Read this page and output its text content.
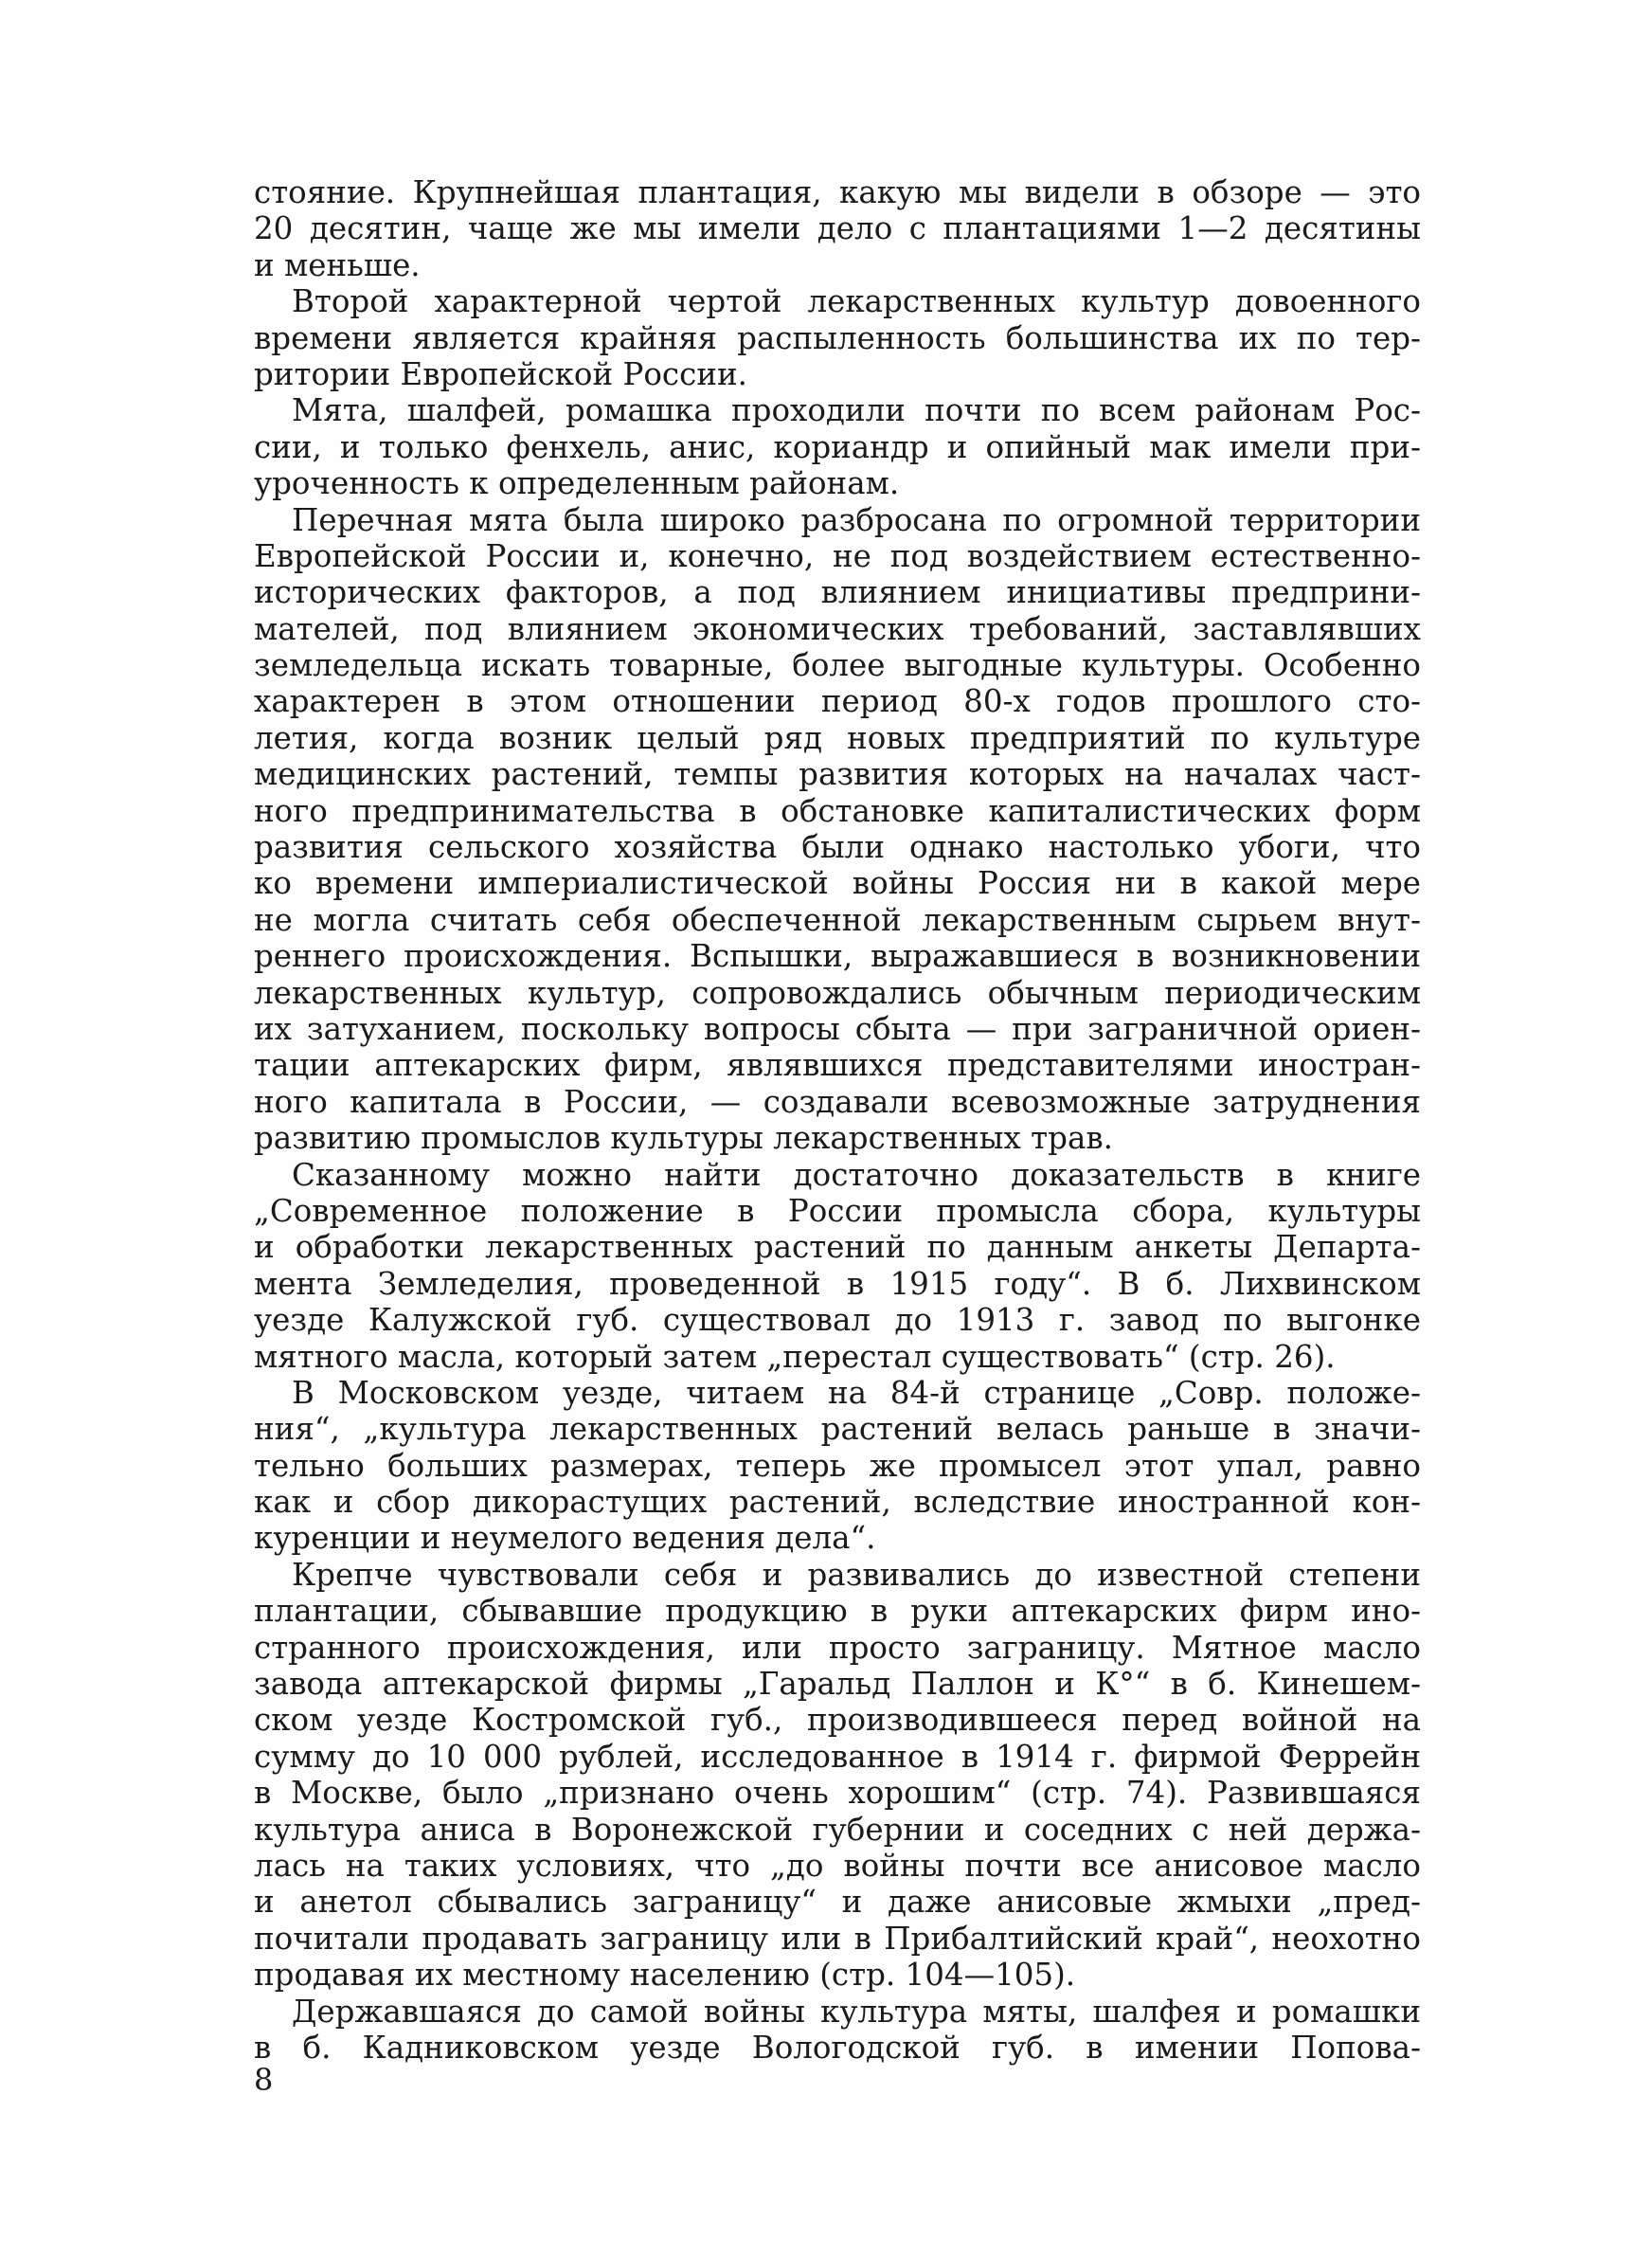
стояние. Крупнейшая плантация, какую мы видели в обзоре — это
20 десятин, чаще же мы имели дело с плантациями 1—2 десятины
и меньше.
Второй характерной чертой лекарственных культур довоенного
времени является крайняя распыленность большинства их по тер-
ритории Европейской России.
Мята, шалфей, ромашка проходили почти по всем районам Рос-
сии, и только фенхель, анис, кориандр и опийный мак имели при-
уроченность к определенным районам.
Перечная мята была широко разбросана по огромной территории
Европейской России и, конечно, не под воздействием естественно-
исторических факторов, а под влиянием инициативы предприни-
мателей, под влиянием экономических требований, заставлявших
земледельца искать товарные, более выгодные культуры. Особенно
характерен в этом отношении период 80-х годов прошлого сто-
летия, когда возник целый ряд новых предприятий по культуре
медицинских растений, темпы развития которых на началах част-
ного предпринимательства в обстановке капиталистических форм
развития сельского хозяйства были однако настолько убоги, что
ко времени империалистической войны Россия ни в какой мере
не могла считать себя обеспеченной лекарственным сырьем внут-
реннего происхождения. Вспышки, выражавшиеся в возникновении
лекарственных культур, сопровождались обычным периодическим
их затуханием, поскольку вопросы сбыта — при заграничной ориен-
тации аптекарских фирм, являвшихся представителями иностран-
ного капитала в России, — создавали всевозможные затруднения
развитию промыслов культуры лекарственных трав.
Сказанному можно найти достаточно доказательств в книге
„Современное положение в России промысла сбора, культуры
и обработки лекарственных растений по данным анкеты Департа-
мента Земледелия, проведенной в 1915 году“. В б. Лихвинском
уезде Калужской губ. существовал до 1913 г. завод по выгонке
мятного масла, который затем „перестал существовать“ (стр. 26).
В Московском уезде, читаем на 84-й странице „Совр. положе-
ния“, „культура лекарственных растений велась раньше в значи-
тельно больших размерах, теперь же промысел этот упал, равно
как и сбор дикорастущих растений, вследствие иностранной кон-
куренции и неумелого ведения дела“.
Крепче чувствовали себя и развивались до известной степени
плантации, сбывавшие продукцию в руки аптекарских фирм ино-
странного происхождения, или просто заграницу. Мятное масло
завода аптекарской фирмы „Гаральд Паллон и К°“ в б. Кинешем-
ском уезде Костромской губ., производившееся перед войной на
сумму до 10 000 рублей, исследованное в 1914 г. фирмой Феррейн
в Москве, было „признано очень хорошим“ (стр. 74). Развившаяся
культура аниса в Воронежской губернии и соседних с ней держа-
лась на таких условиях, что „до войны почти все анисовое масло
и анетол сбывались заграницу“ и даже анисовые жмыхи „пред-
почитали продавать заграницу или в Прибалтийский край“, неохотно
продавая их местному населению (стр. 104—105).
Державшаяся до самой войны культура мяты, шалфея и ромашки
в б. Кадниковском уезде Вологодской губ. в имении Попова-
8
